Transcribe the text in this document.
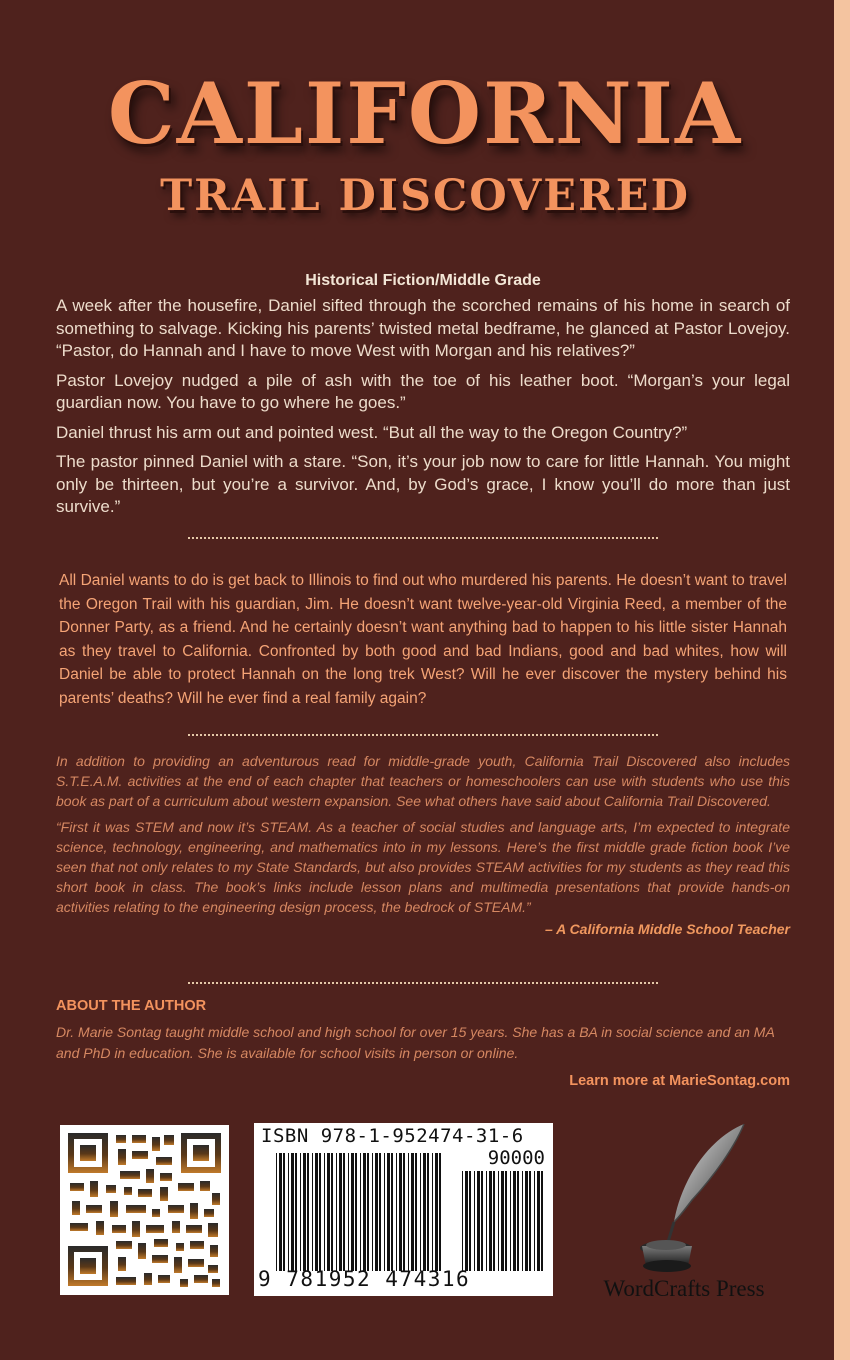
CALIFORNIA
TRAIL DISCOVERED
Historical Fiction/Middle Grade

A week after the housefire, Daniel sifted through the scorched remains of his home in search of something to salvage. Kicking his parents’ twisted metal bedframe, he glanced at Pastor Lovejoy. “Pastor, do Hannah and I have to move West with Morgan and his relatives?”

Pastor Lovejoy nudged a pile of ash with the toe of his leather boot. “Morgan’s your legal guardian now. You have to go where he goes.”

Daniel thrust his arm out and pointed west. “But all the way to the Oregon Country?”

The pastor pinned Daniel with a stare. “Son, it’s your job now to care for little Hannah. You might only be thirteen, but you’re a survivor. And, by God’s grace, I know you’ll do more than just survive.”

All Daniel wants to do is get back to Illinois to find out who murdered his parents. He doesn’t want to travel the Oregon Trail with his guardian, Jim. He doesn’t want twelve-year-old Virginia Reed, a member of the Donner Party, as a friend. And he certainly doesn’t want anything bad to happen to his little sister Hannah as they travel to California. Confronted by both good and bad Indians, good and bad whites, how will Daniel be able to protect Hannah on the long trek West? Will he ever discover the mystery behind his parents’ deaths? Will he ever find a real family again?

In addition to providing an adventurous read for middle-grade youth, California Trail Discovered also includes S.T.E.A.M. activities at the end of each chapter that teachers or homeschoolers can use with students who use this book as part of a curriculum about western expansion. See what others have said about California Trail Discovered.

“First it was STEM and now it’s STEAM. As a teacher of social studies and language arts, I’m expected to integrate science, technology, engineering, and mathematics into in my lessons. Here’s the first middle grade fiction book I’ve seen that not only relates to my State Standards, but also provides STEAM activities for my students as they read this short book in class. The book’s links include lesson plans and multimedia presentations that provide hands-on activities relating to the engineering design process, the bedrock of STEAM.”

– A California Middle School Teacher

ABOUT THE AUTHOR
Dr. Marie Sontag taught middle school and high school for over 15 years. She has a BA in social science and an MA and PhD in education. She is available for school visits in person or online.
Learn more at MarieSontag.com
ISBN 978-1-952474-31-6
90000
9 781952 474316	WordCrafts Press
